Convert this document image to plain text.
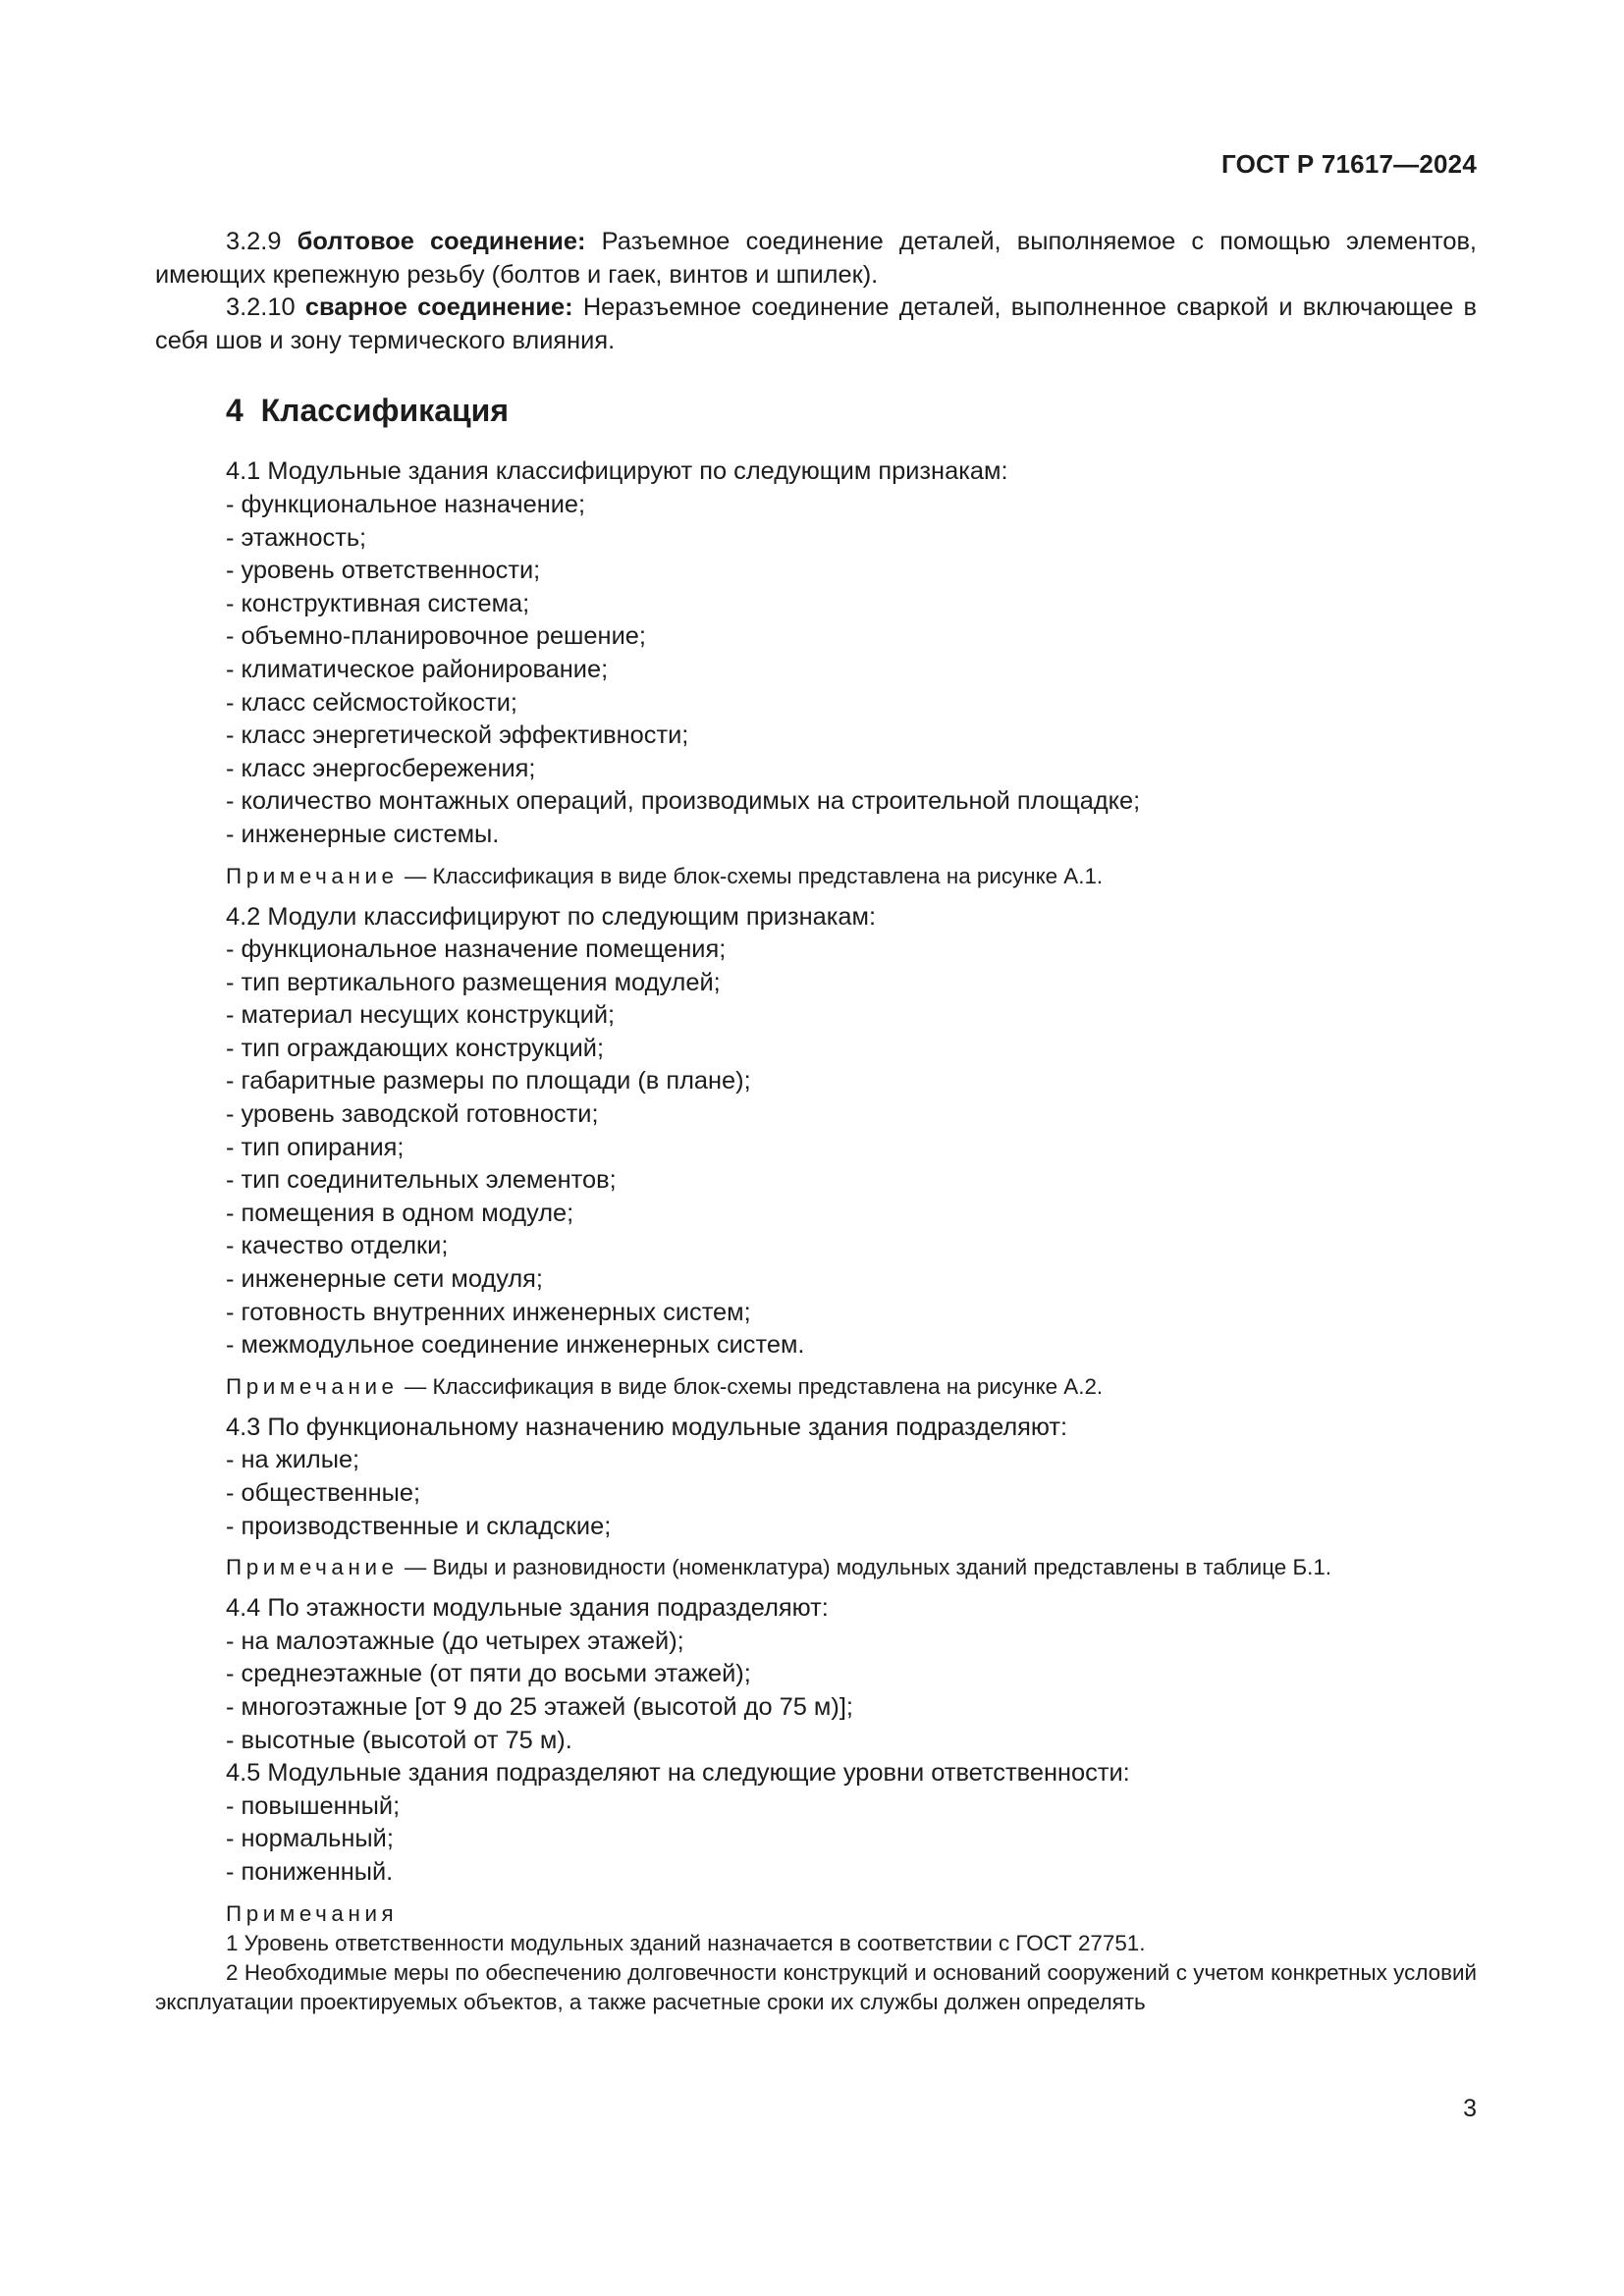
ГОСТ Р 71617—2024

3.2.9 болтовое соединение: Разъемное соединение деталей, выполняемое с помощью элементов, имеющих крепежную резьбу (болтов и гаек, винтов и шпилек).

3.2.10 сварное соединение: Неразъемное соединение деталей, выполненное сваркой и включающее в себя шов и зону термического влияния.

4 Классификация
4.1 Модульные здания классифицируют по следующим признакам:
- функциональное назначение;
- этажность;
- уровень ответственности;
- конструктивная система;
- объемно-планировочное решение;
- климатическое районирование;
- класс сейсмостойкости;
- класс энергетической эффективности;
- класс энергосбережения;
- количество монтажных операций, производимых на строительной площадке;
- инженерные системы.
Примечание — Классификация в виде блок-схемы представлена на рисунке А.1.
4.2 Модули классифицируют по следующим признакам:
- функциональное назначение помещения;
- тип вертикального размещения модулей;
- материал несущих конструкций;
- тип ограждающих конструкций;
- габаритные размеры по площади (в плане);
- уровень заводской готовности;
- тип опирания;
- тип соединительных элементов;
- помещения в одном модуле;
- качество отделки;
- инженерные сети модуля;
- готовность внутренних инженерных систем;
- межмодульное соединение инженерных систем.
Примечание — Классификация в виде блок-схемы представлена на рисунке А.2.
4.3 По функциональному назначению модульные здания подразделяют:
- на жилые;
- общественные;
- производственные и складские;
Примечание — Виды и разновидности (номенклатура) модульных зданий представлены в таблице Б.1.
4.4 По этажности модульные здания подразделяют:
- на малоэтажные (до четырех этажей);
- среднеэтажные (от пяти до восьми этажей);
- многоэтажные [от 9 до 25 этажей (высотой до 75 м)];
- высотные (высотой от 75 м).
4.5 Модульные здания подразделяют на следующие уровни ответственности:
- повышенный;
- нормальный;
- пониженный.
Примечания
1 Уровень ответственности модульных зданий назначается в соответствии с ГОСТ 27751.
2 Необходимые меры по обеспечению долговечности конструкций и оснований сооружений с учетом конкретных условий эксплуатации проектируемых объектов, а также расчетные сроки их службы должен определять
3
